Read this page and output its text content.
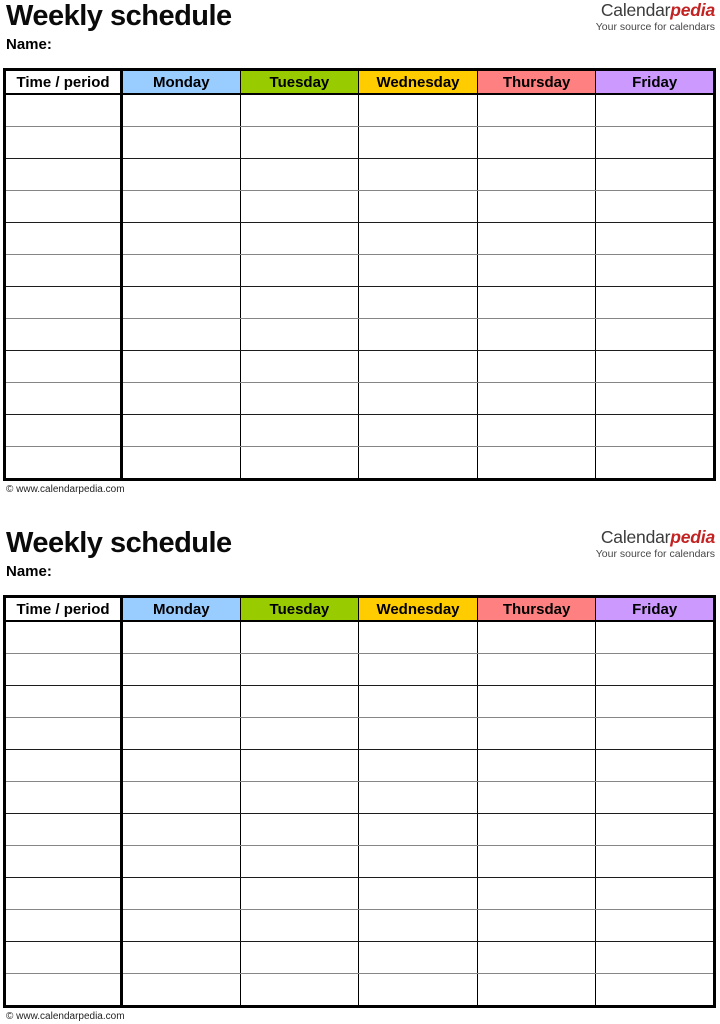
Weekly schedule	Calendarpedia
Your source for calendars
Name:
Time / period	Monday	Tuesday	Wednesday	Thursday	Friday

© www.calendarpedia.com
Weekly schedule	Calendarpedia
Your source for calendars
Name:
Time / period	Monday	Tuesday	Wednesday	Thursday	Friday

© www.calendarpedia.com
